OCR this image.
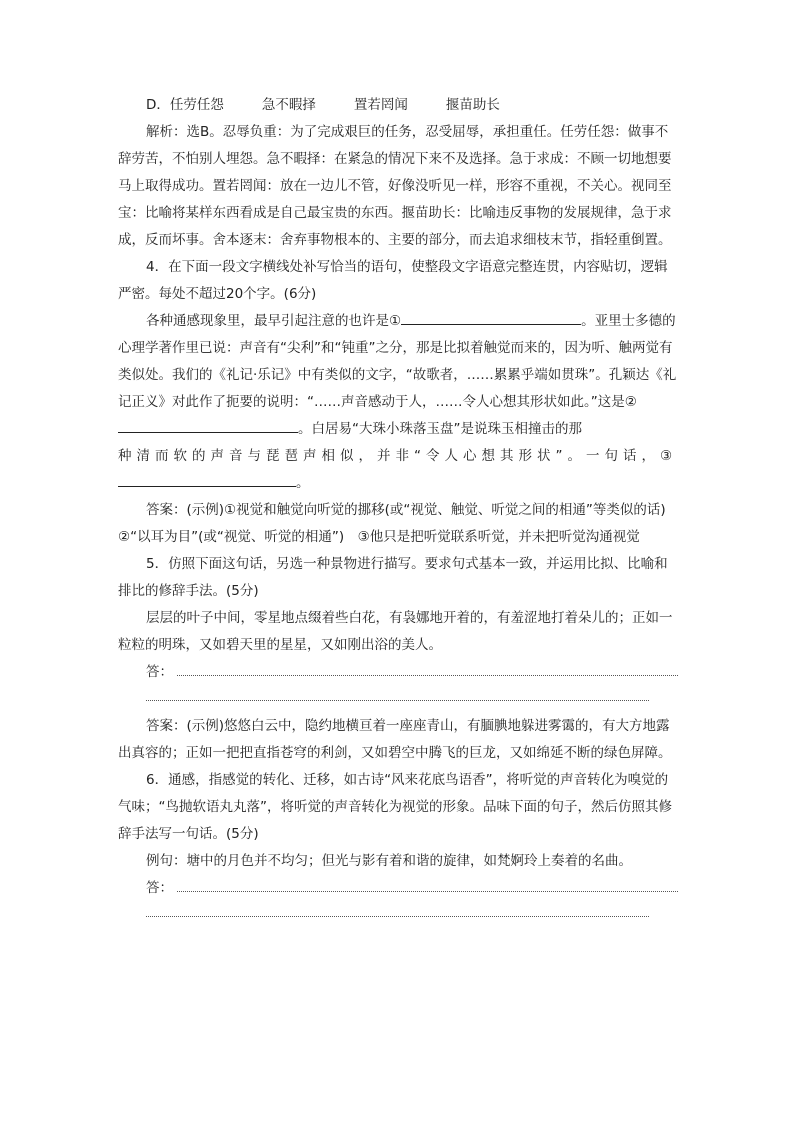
D．任劳任怨	急不暇择	置若罔闻	揠苗助长

解析：选B。忍辱负重：为了完成艰巨的任务，忍受屈辱，承担重任。任劳任怨：做事不辞劳苦，不怕别人埋怨。急不暇择：在紧急的情况下来不及选择。急于求成：不顾一切地想要马上取得成功。置若罔闻：放在一边儿不管，好像没听见一样，形容不重视，不关心。视同至宝：比喻将某样东西看成是自己最宝贵的东西。揠苗助长：比喻违反事物的发展规律，急于求成，反而坏事。舍本逐末：舍弃事物根本的、主要的部分，而去追求细枝末节，指轻重倒置。

4．在下面一段文字横线处补写恰当的语句，使整段文字语意完整连贯，内容贴切，逻辑严密。每处不超过20个字。(6分)

各种通感现象里，最早引起注意的也许是①	。亚里士多德的心理学著作里已说：声音有“尖利”和“钝重”之分，那是比拟着触觉而来的，因为听、触两觉有类似处。我们的《礼记·乐记》中有类似的文字，“故歌者，……累累乎端如贯珠”。孔颖达《礼记正义》对此作了扼要的说明：“……声音感动于人，……令人心想其形状如此。”这是②。白居易“大珠小珠落玉盘”是说珠玉相撞击的那

种清而软的声音与琵琶声相似，并非“令人心想其形状”。一句话，③

。

答案：(示例)①视觉和触觉向听觉的挪移(或“视觉、触觉、听觉之间的相通”等类似的话)　②“以耳为目”(或“视觉、听觉的相通”)　③他只是把听觉联系听觉，并未把听觉沟通视觉

5．仿照下面这句话，另选一种景物进行描写。要求句式基本一致，并运用比拟、比喻和排比的修辞手法。(5分)

层层的叶子中间，零星地点缀着些白花，有袅娜地开着的，有羞涩地打着朵儿的；正如一粒粒的明珠，又如碧天里的星星，又如刚出浴的美人。

答：

答案：(示例)悠悠白云中，隐约地横亘着一座座青山，有腼腆地躲进雾霭的，有大方地露出真容的；正如一把把直指苍穹的利剑，又如碧空中腾飞的巨龙，又如绵延不断的绿色屏障。

6．通感，指感觉的转化、迁移，如古诗“风来花底鸟语香”，将听觉的声音转化为嗅觉的气味；“鸟抛软语丸丸落”，将听觉的声音转化为视觉的形象。品味下面的句子，然后仿照其修辞手法写一句话。(5分)

例句：塘中的月色并不均匀；但光与影有着和谐的旋律，如梵婀玲上奏着的名曲。

答：
